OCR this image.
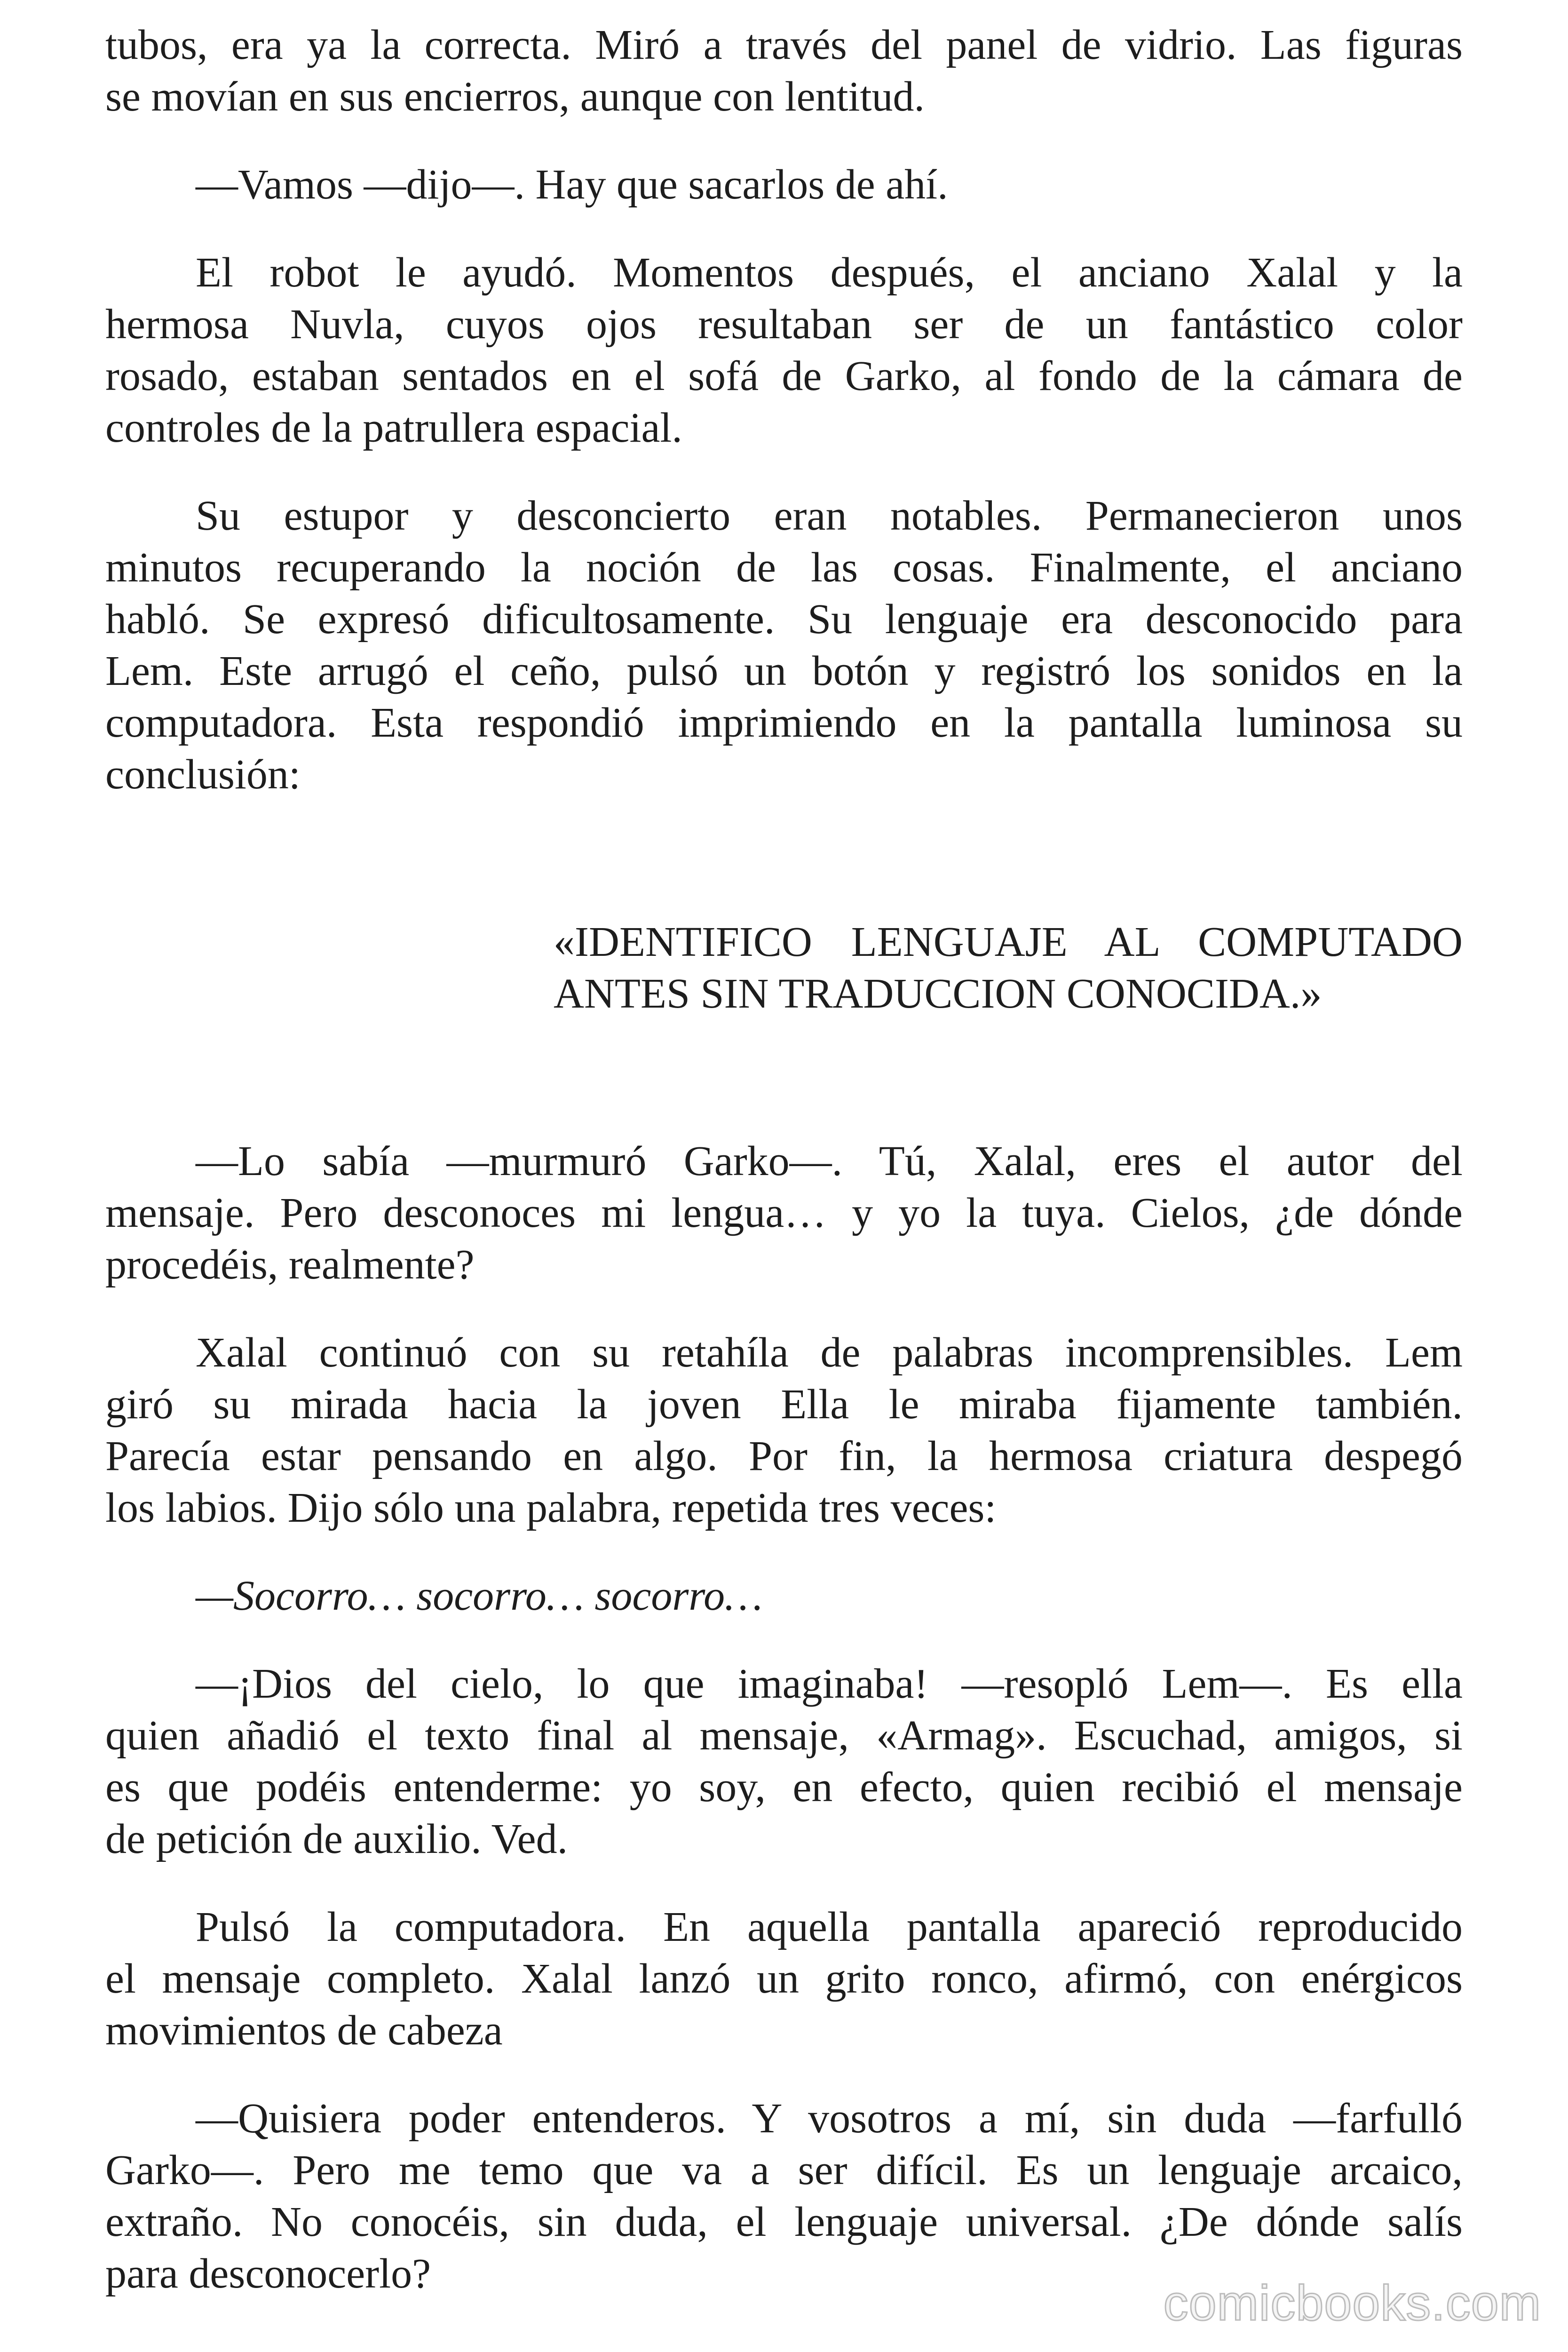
tubos, era ya la correcta. Miró a través del panel de vidrio. Las figuras
se movían en sus encierros, aunque con lentitud.
—Vamos —dijo—. Hay que sacarlos de ahí.
El robot le ayudó. Momentos después, el anciano Xalal y la
hermosa Nuvla, cuyos ojos resultaban ser de un fantástico color
rosado, estaban sentados en el sofá de Garko, al fondo de la cámara de
controles de la patrullera espacial.
Su estupor y desconcierto eran notables. Permanecieron unos
minutos recuperando la noción de las cosas. Finalmente, el anciano
habló. Se expresó dificultosamente. Su lenguaje era desconocido para
Lem. Este arrugó el ceño, pulsó un botón y registró los sonidos en la
computadora. Esta respondió imprimiendo en la pantalla luminosa su
conclusión:
«IDENTIFICO LENGUAJE AL COMPUTADO
ANTES SIN TRADUCCION CONOCIDA.»
—Lo sabía —murmuró Garko—. Tú, Xalal, eres el autor del
mensaje. Pero desconoces mi lengua… y yo la tuya. Cielos, ¿de dónde
procedéis, realmente?
Xalal continuó con su retahíla de palabras incomprensibles. Lem
giró su mirada hacia la joven Ella le miraba fijamente también.
Parecía estar pensando en algo. Por fin, la hermosa criatura despegó
los labios. Dijo sólo una palabra, repetida tres veces:
—Socorro… socorro… socorro…
—¡Dios del cielo, lo que imaginaba! —resopló Lem—. Es ella
quien añadió el texto final al mensaje, «Armag». Escuchad, amigos, si
es que podéis entenderme: yo soy, en efecto, quien recibió el mensaje
de petición de auxilio. Ved.
Pulsó la computadora. En aquella pantalla apareció reproducido
el mensaje completo. Xalal lanzó un grito ronco, afirmó, con enérgicos
movimientos de cabeza
—Quisiera poder entenderos. Y vosotros a mí, sin duda —farfulló
Garko—. Pero me temo que va a ser difícil. Es un lenguaje arcaico,
extraño. No conocéis, sin duda, el lenguaje universal. ¿De dónde salís
para desconocerlo?
comicbooks.com
